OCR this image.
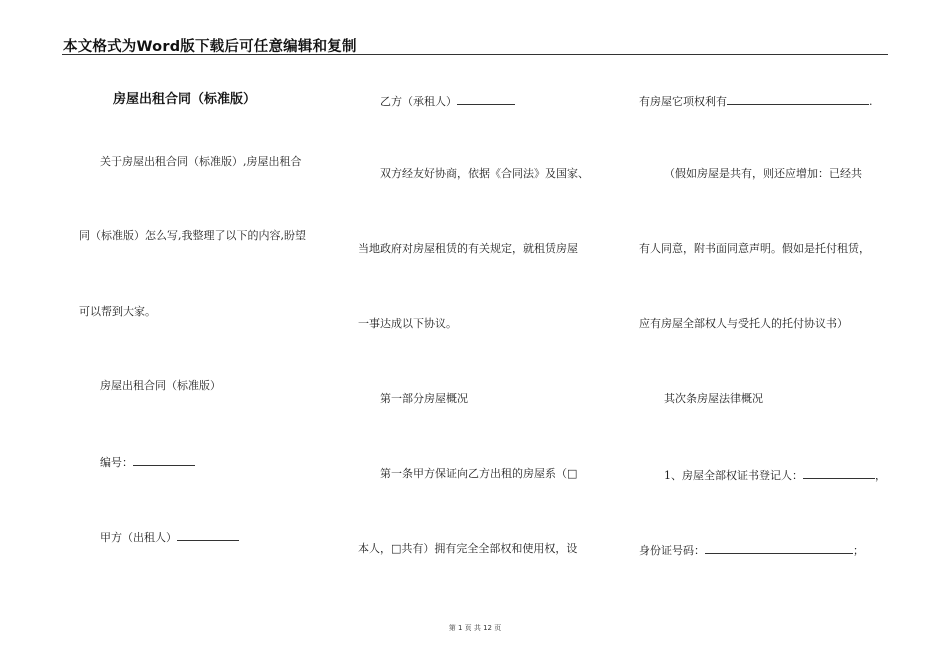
本文格式为Word版下载后可任意编辑和复制
房屋出租合同（标准版）
关于房屋出租合同（标准版）,房屋出租合
同（标准版）怎么写,我整理了以下的内容,盼望
可以帮到大家。
房屋出租合同（标准版）
编号：
甲方（出租人）
乙方（承租人）
双方经友好协商，依据《合同法》及国家、
当地政府对房屋租赁的有关规定，就租赁房屋
一事达成以下协议。
第一部分房屋概况
第一条甲方保证向乙方出租的房屋系（□
本人，□共有）拥有完全全部权和使用权，设
有房屋它项权利有	.
（假如房屋是共有，则还应增加：已经共
有人同意，附书面同意声明。假如是托付租赁，
应有房屋全部权人与受托人的托付协议书）
其次条房屋法律概况
1、房屋全部权证书登记人：	，
身份证号码：	；
第 1 页 共 12 页
